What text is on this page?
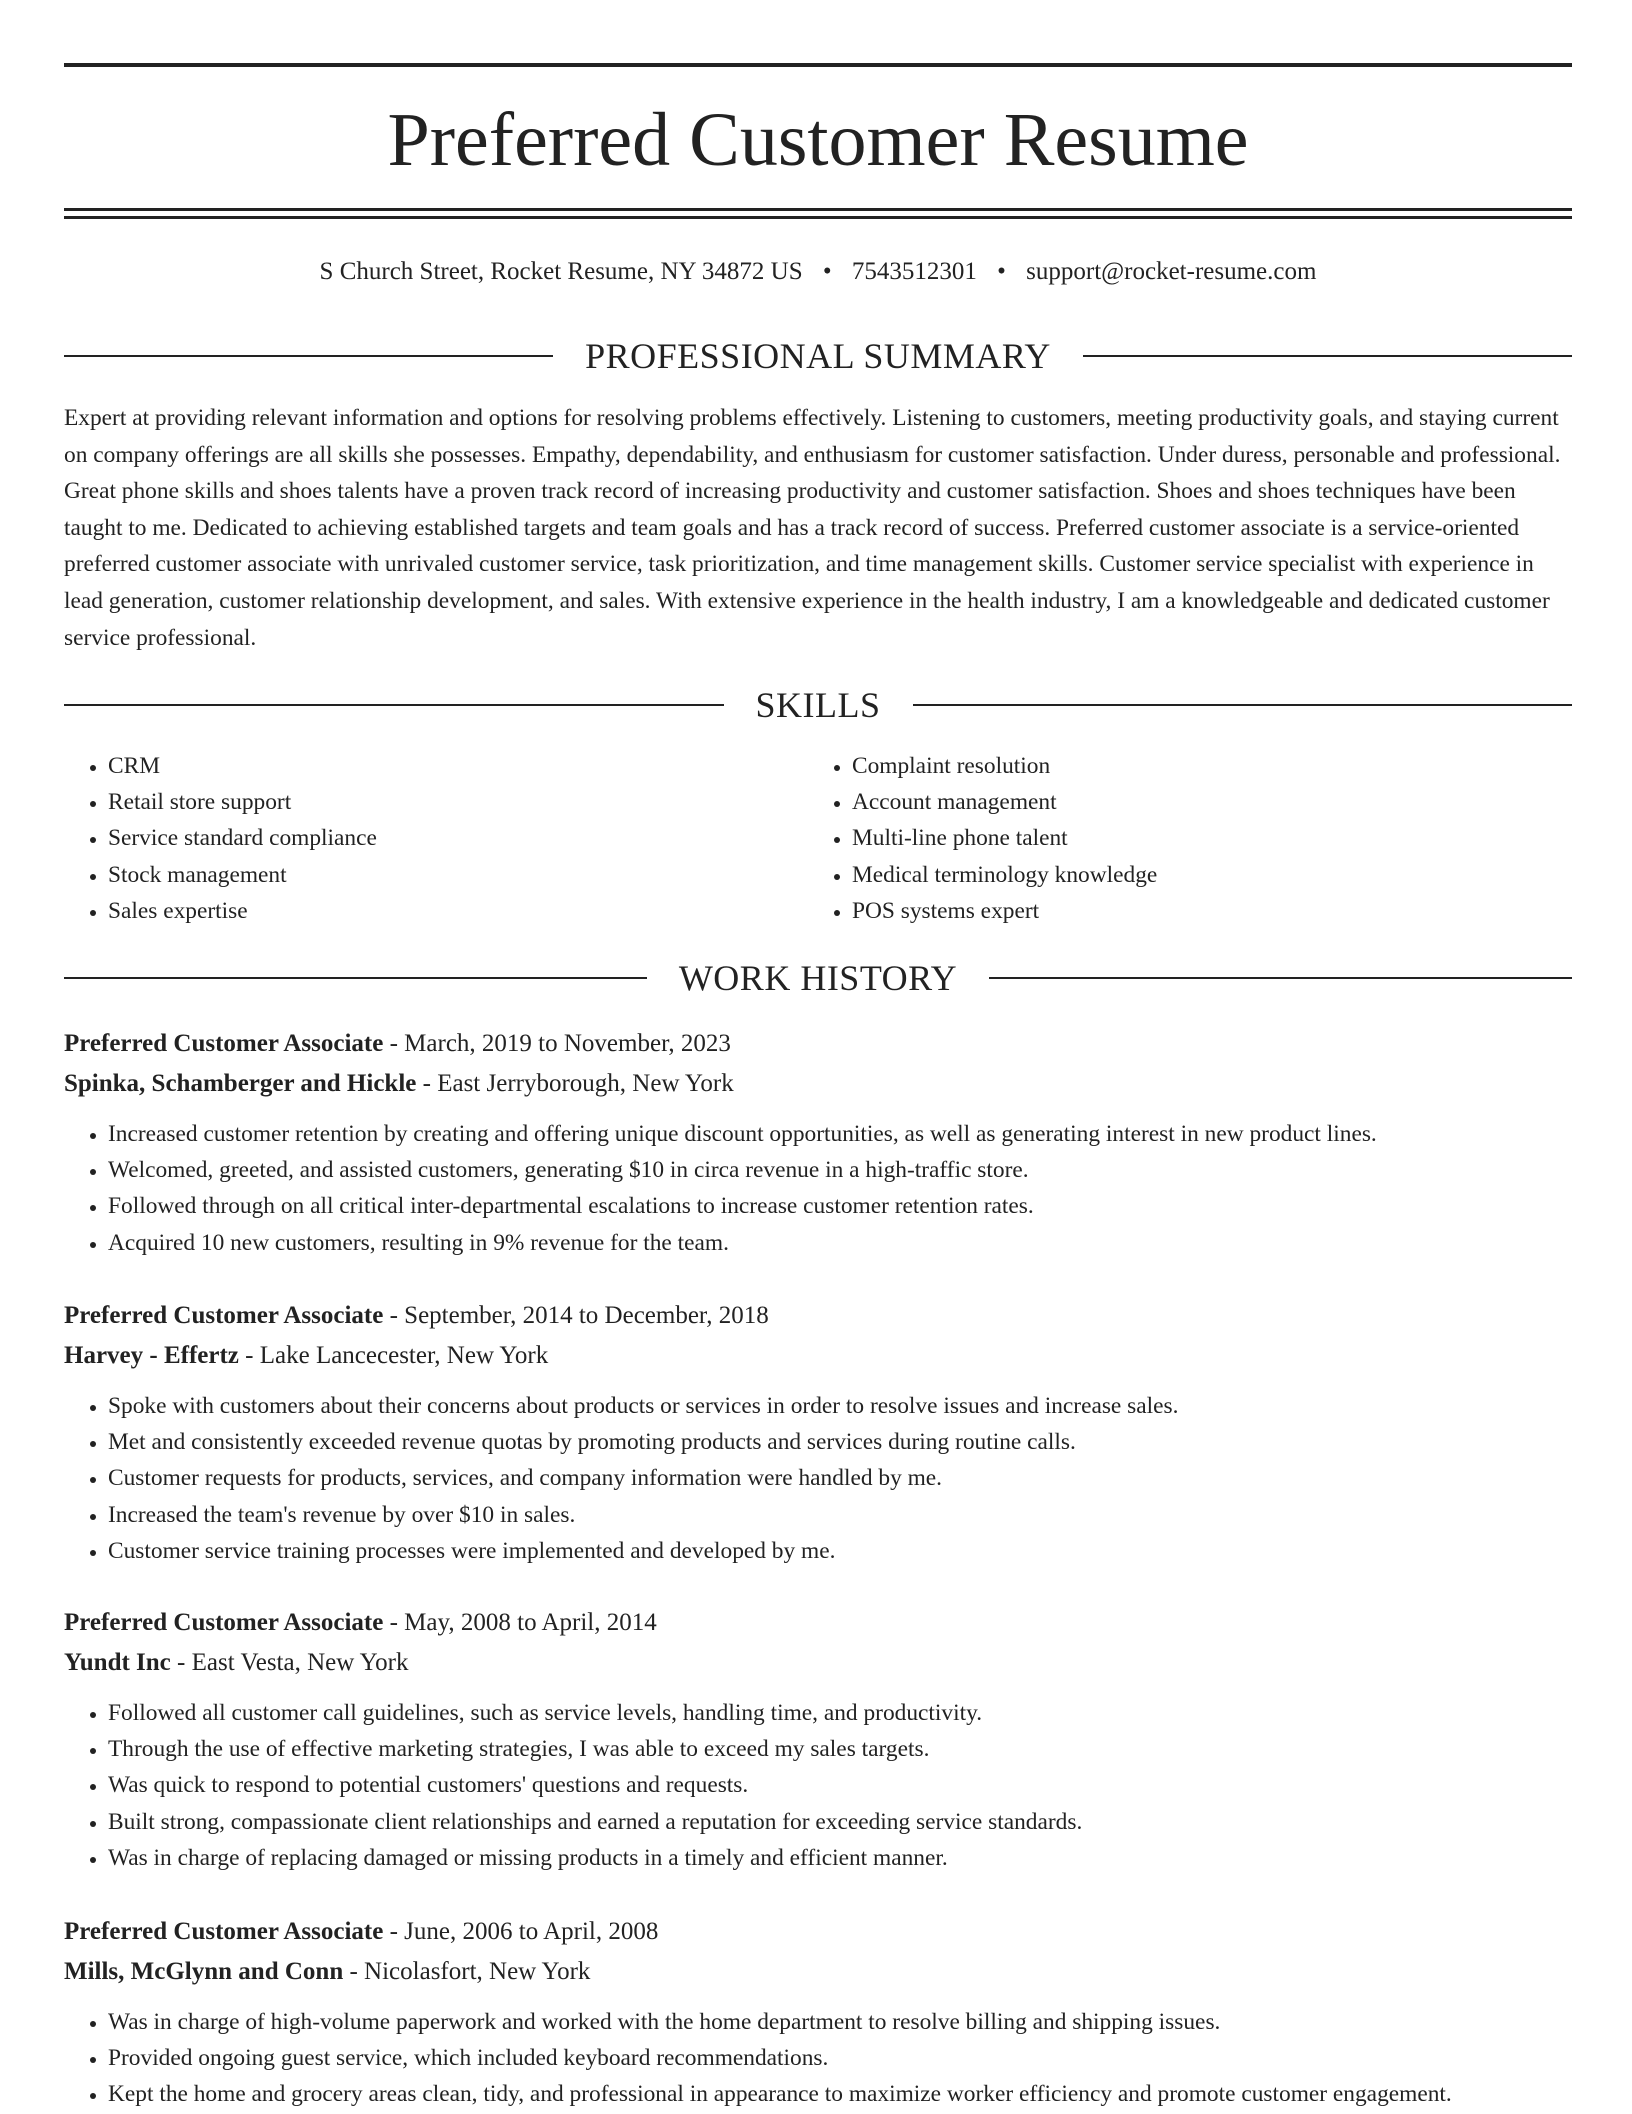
Preferred Customer Resume
S Church Street, Rocket Resume, NY 34872 US • 7543512301 • support@rocket-resume.com
PROFESSIONAL SUMMARY

Expert at providing relevant information and options for resolving problems effectively. Listening to customers, meeting productivity goals, and staying current on company offerings are all skills she possesses. Empathy, dependability, and enthusiasm for customer satisfaction. Under duress, personable and professional. Great phone skills and shoes talents have a proven track record of increasing productivity and customer satisfaction. Shoes and shoes techniques have been taught to me. Dedicated to achieving established targets and team goals and has a track record of success. Preferred customer associate is a service-oriented preferred customer associate with unrivaled customer service, task prioritization, and time management skills. Customer service specialist with experience in lead generation, customer relationship development, and sales. With extensive experience in the health industry, I am a knowledgeable and dedicated customer service professional.

SKILLS
• CRM
• Retail store support
• Service standard compliance
• Stock management
• Sales expertise
• Complaint resolution
• Account management
• Multi-line phone talent
• Medical terminology knowledge
• POS systems expert
WORK HISTORY
Preferred Customer Associate - March, 2019 to November, 2023
Spinka, Schamberger and Hickle - East Jerryborough, New York
• Increased customer retention by creating and offering unique discount opportunities, as well as generating interest in new product lines.
• Welcomed, greeted, and assisted customers, generating $10 in circa revenue in a high-traffic store.
• Followed through on all critical inter-departmental escalations to increase customer retention rates.
• Acquired 10 new customers, resulting in 9% revenue for the team.
Preferred Customer Associate - September, 2014 to December, 2018
Harvey - Effertz - Lake Lancecester, New York
• Spoke with customers about their concerns about products or services in order to resolve issues and increase sales.
• Met and consistently exceeded revenue quotas by promoting products and services during routine calls.
• Customer requests for products, services, and company information were handled by me.
• Increased the team's revenue by over $10 in sales.
• Customer service training processes were implemented and developed by me.
Preferred Customer Associate - May, 2008 to April, 2014
Yundt Inc - East Vesta, New York
• Followed all customer call guidelines, such as service levels, handling time, and productivity.
• Through the use of effective marketing strategies, I was able to exceed my sales targets.
• Was quick to respond to potential customers' questions and requests.
• Built strong, compassionate client relationships and earned a reputation for exceeding service standards.
• Was in charge of replacing damaged or missing products in a timely and efficient manner.
Preferred Customer Associate - June, 2006 to April, 2008
Mills, McGlynn and Conn - Nicolasfort, New York
• Was in charge of high-volume paperwork and worked with the home department to resolve billing and shipping issues.
• Provided ongoing guest service, which included keyboard recommendations.
• Kept the home and grocery areas clean, tidy, and professional in appearance to maximize worker efficiency and promote customer engagement.
